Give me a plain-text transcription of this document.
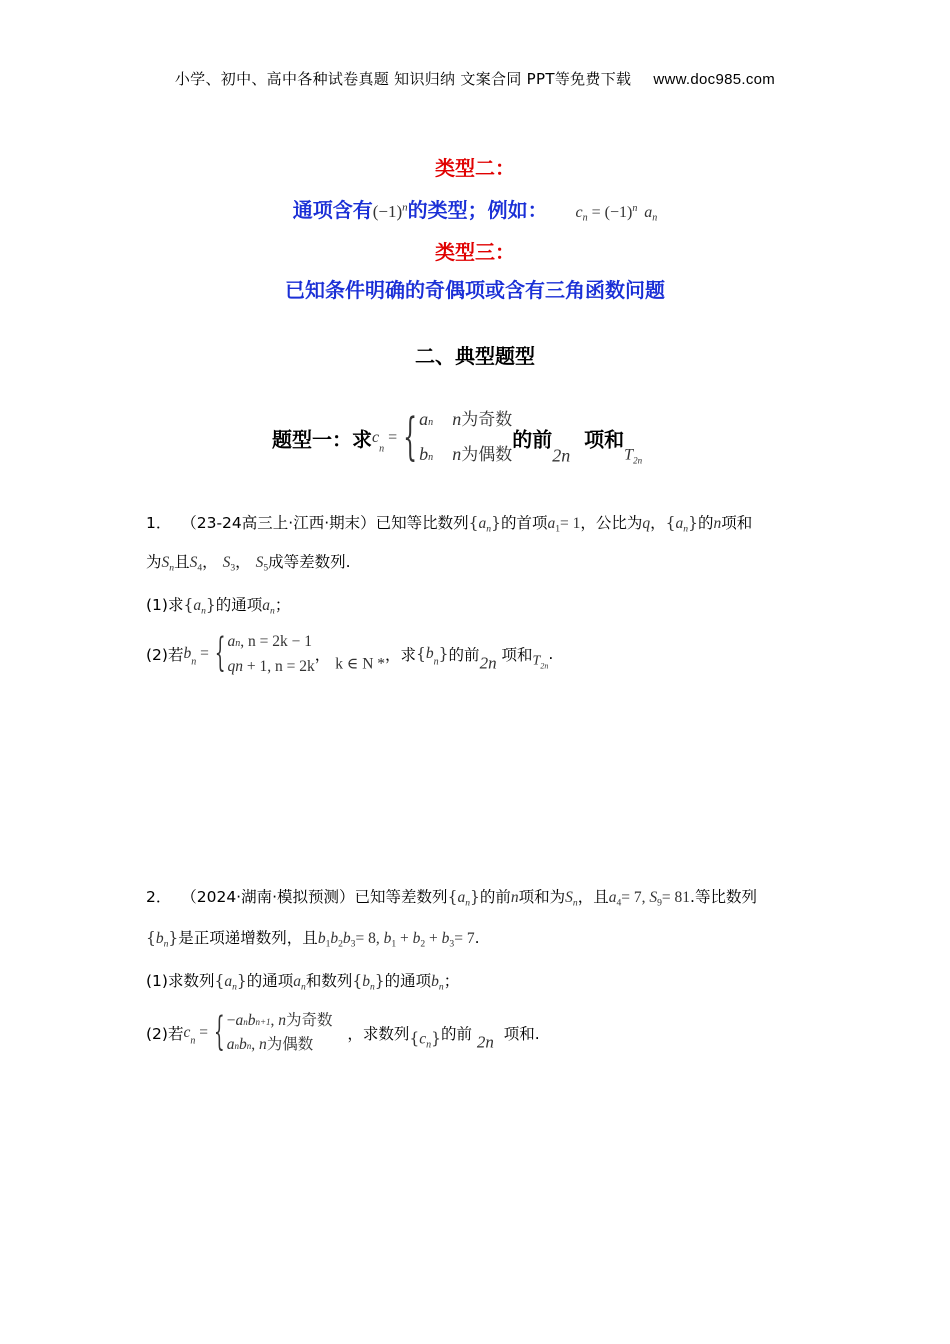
小学、初中、高中各种试卷真题 知识归纳 文案合同 PPT等免费下载 www.doc985.com
类型二：
通项含有$(-1)^n$的类型；例如： $c_n = (-1)^n$ $a_n$
类型三：
已知条件明确的奇偶项或含有三角函数问题
二、典型题型
题型一：求$c_n$ = { an n为奇数
bn n为偶数
的前2n  项和$_{T2n}$
1． （23-24高三上·江西·期末）已知等比数列$\{a_n\}$的首项$a_1= 1$，公比为q，$\{a_n\}$的n项和
为$S_n$且$S_4$， $S_3$， $S_5$成等差数列.
(1)求$\{a_n\}$的通项$a_n$；
(2)若$b_n$ = { an, n = 2k − 1
qn + 1, n = 2k
， k ∈ N *，求$\{b_n\}$的前2n 项和$T_{2n}$.
2． （2024·湖南·模拟预测）已知等差数列$\{a_n\}$的前n项和为$S_n$，且$a_4= 7$, $S_9= 81$.等比数列
$\{b_n\}$是正项递增数列，且$b_1b_2b_3= 8$, $b_1 + b_2 + b_3= 7$.
(1)求数列$\{a_n\}$的通项$a_n$和数列$\{b_n\}$的通项$b_n$；
(2)若$c_n$ = { −anbn+1, n为奇数
anbn, n为偶数
，求数列$\{c_n\}$的前 2n 项和.
